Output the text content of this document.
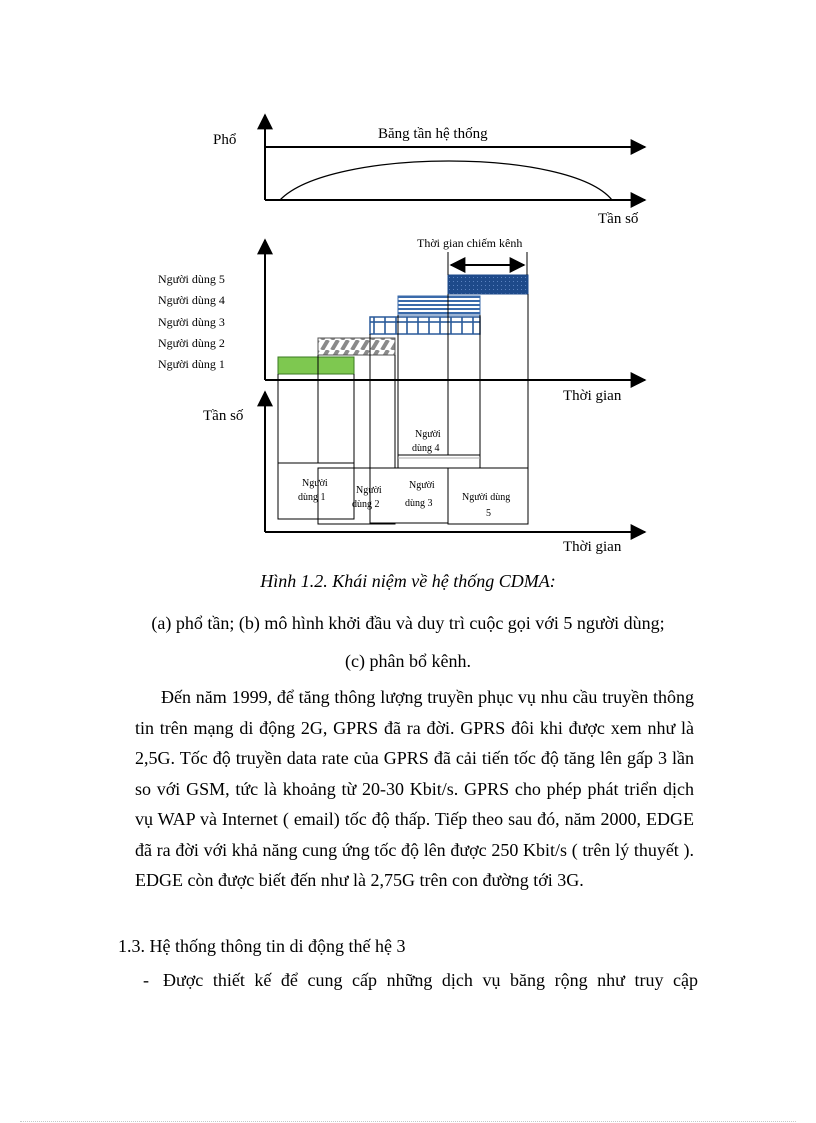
Phổ	Băng tần hệ thống
Tần số
Người dùng 5
Người dùng 4
Người dùng 3
Người dùng 2
Người dùng 1
Thời gian chiếm kênh
Thời gian
Tần số
Thời gian
Người
dùng 4
Người
dùng 1
Người
dùng 2
Người
dùng 3
Người dùng
5
Hình 1.2. Khái niệm về hệ thống CDMA:
(a) phổ tần; (b) mô hình khởi đầu và duy trì cuộc gọi với 5 người dùng;
(c) phân bổ kênh.

Đến năm 1999, để tăng thông lượng truyền phục vụ nhu cầu truyền thông tin trên mạng di động 2G, GPRS đã ra đời. GPRS đôi khi được xem như là 2,5G. Tốc độ truyền data rate của GPRS đã cải tiến tốc độ tăng lên gấp 3 lần so với GSM, tức là khoảng từ 20-30 Kbit/s. GPRS cho phép phát triển dịch vụ WAP và Internet ( email) tốc độ thấp. Tiếp theo sau đó, năm 2000, EDGE đã ra đời với khả năng cung ứng tốc độ lên được 250 Kbit/s ( trên lý thuyết ). EDGE còn được biết đến như là 2,75G trên con đường tới 3G.

1.3. Hệ thống thông tin di động thế hệ 3
- Được thiết kế để cung cấp những dịch vụ băng rộng như truy cập
